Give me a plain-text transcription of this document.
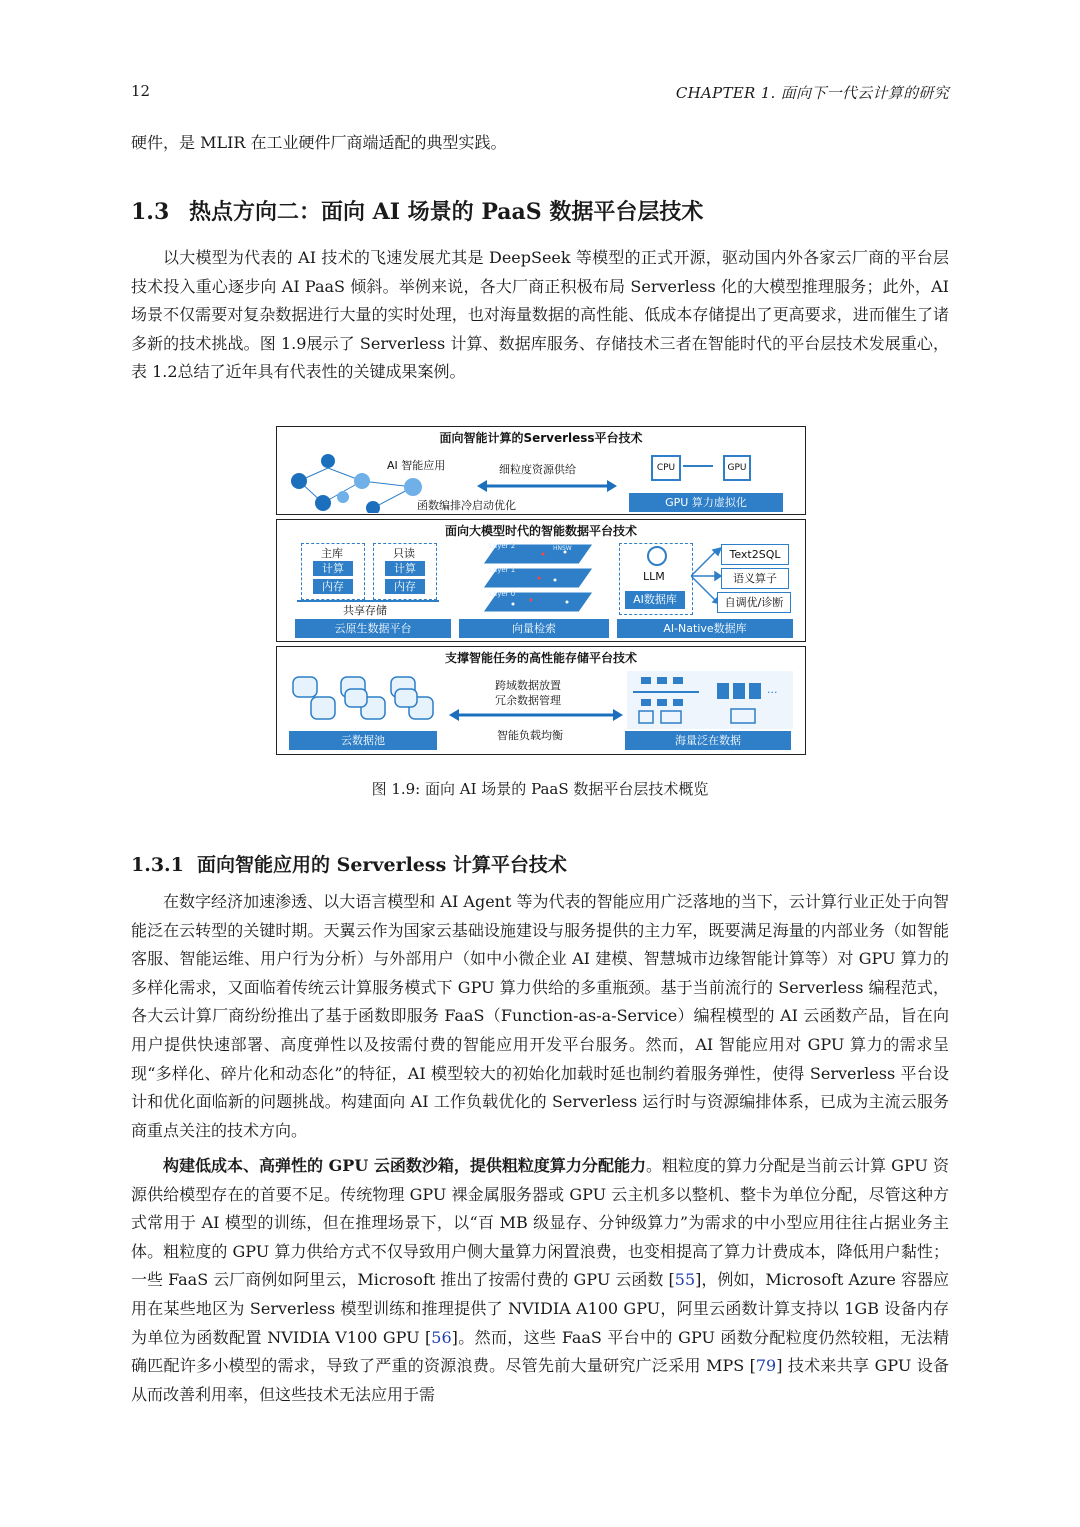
12	CHAPTER 1. 面向下一代云计算的研究

硬件，是 MLIR 在工业硬件厂商端适配的典型实践。

1.3 热点方向二：面向 AI 场景的 PaaS 数据平台层技术

以大模型为代表的 AI 技术的飞速发展尤其是 DeepSeek 等模型的正式开源，驱动国内外各家云厂商的平台层技术投入重心逐步向 AI PaaS 倾斜。举例来说，各大厂商正积极布局 Serverless 化的大模型推理服务；此外，AI 场景不仅需要对复杂数据进行大量的实时处理，也对海量数据的高性能、低成本存储提出了更高要求，进而催生了诸多新的技术挑战。图 1.9展示了 Serverless 计算、数据库服务、存储技术三者在智能时代的平台层技术发展重心，表 1.2总结了近年具有代表性的关键成果案例。

图 1.9: 面向 AI 场景的 PaaS 数据平台层技术概览
1.3.1 面向智能应用的 Serverless 计算平台技术

在数字经济加速渗透、以大语言模型和 AI Agent 等为代表的智能应用广泛落地的当下，云计算行业正处于向智能泛在云转型的关键时期。天翼云作为国家云基础设施建设与服务提供的主力军，既要满足海量的内部业务（如智能客服、智能运维、用户行为分析）与外部用户（如中小微企业 AI 建模、智慧城市边缘智能计算等）对 GPU 算力的多样化需求，又面临着传统云计算服务模式下 GPU 算力供给的多重瓶颈。基于当前流行的 Serverless 编程范式，各大云计算厂商纷纷推出了基于函数即服务 FaaS（Function-as-a-Service）编程模型的 AI 云函数产品，旨在向用户提供快速部署、高度弹性以及按需付费的智能应用开发平台服务。然而，AI 智能应用对 GPU 算力的需求呈现“多样化、碎片化和动态化”的特征，AI 模型较大的初始化加载时延也制约着服务弹性，使得 Serverless 平台设计和优化面临新的问题挑战。构建面向 AI 工作负载优化的 Serverless 运行时与资源编排体系，已成为主流云服务商重点关注的技术方向。

构建低成本、高弹性的 GPU 云函数沙箱，提供粗粒度算力分配能力。粗粒度的算力分配是当前云计算 GPU 资源供给模型存在的首要不足。传统物理 GPU 裸金属服务器或 GPU 云主机多以整机、整卡为单位分配，尽管这种方式常用于 AI 模型的训练，但在推理场景下，以“百 MB 级显存、分钟级算力”为需求的中小型应用往往占据业务主体。粗粒度的 GPU 算力供给方式不仅导致用户侧大量算力闲置浪费，也变相提高了算力计费成本，降低用户黏性；一些 FaaS 云厂商例如阿里云，Microsoft 推出了按需付费的 GPU 云函数 [55]，例如，Microsoft Azure 容器应用在某些地区为 Serverless 模型训练和推理提供了 NVIDIA A100 GPU，阿里云函数计算支持以 1GB 设备内存为单位为函数配置 NVIDIA V100 GPU [56]。然而，这些 FaaS 平台中的 GPU 函数分配粒度仍然较粗，无法精确匹配许多小模型的需求，导致了严重的资源浪费。尽管先前大量研究广泛采用 MPS [79] 技术来共享 GPU 设备从而改善利用率，但这些技术无法应用于需

面向智能计算的Serverless平台技术
AI 智能应用	细粒度资源供给
函数编排冷启动优化
CPU	GPU
GPU 算力虚拟化
面向大模型时代的智能数据平台技术
主库
计算
内存
只读
计算
内存
共享存储
云原生数据平台
Layer 2
Layer 1
Layer 0
HNSW
向量检索
LLM
AI数据库
Text2SQL
语义算子
自调优/诊断
AI-Native数据库
支撑智能任务的高性能存储平台技术
云数据池
跨域数据放置
冗余数据管理
智能负载均衡
...
海量泛在数据
